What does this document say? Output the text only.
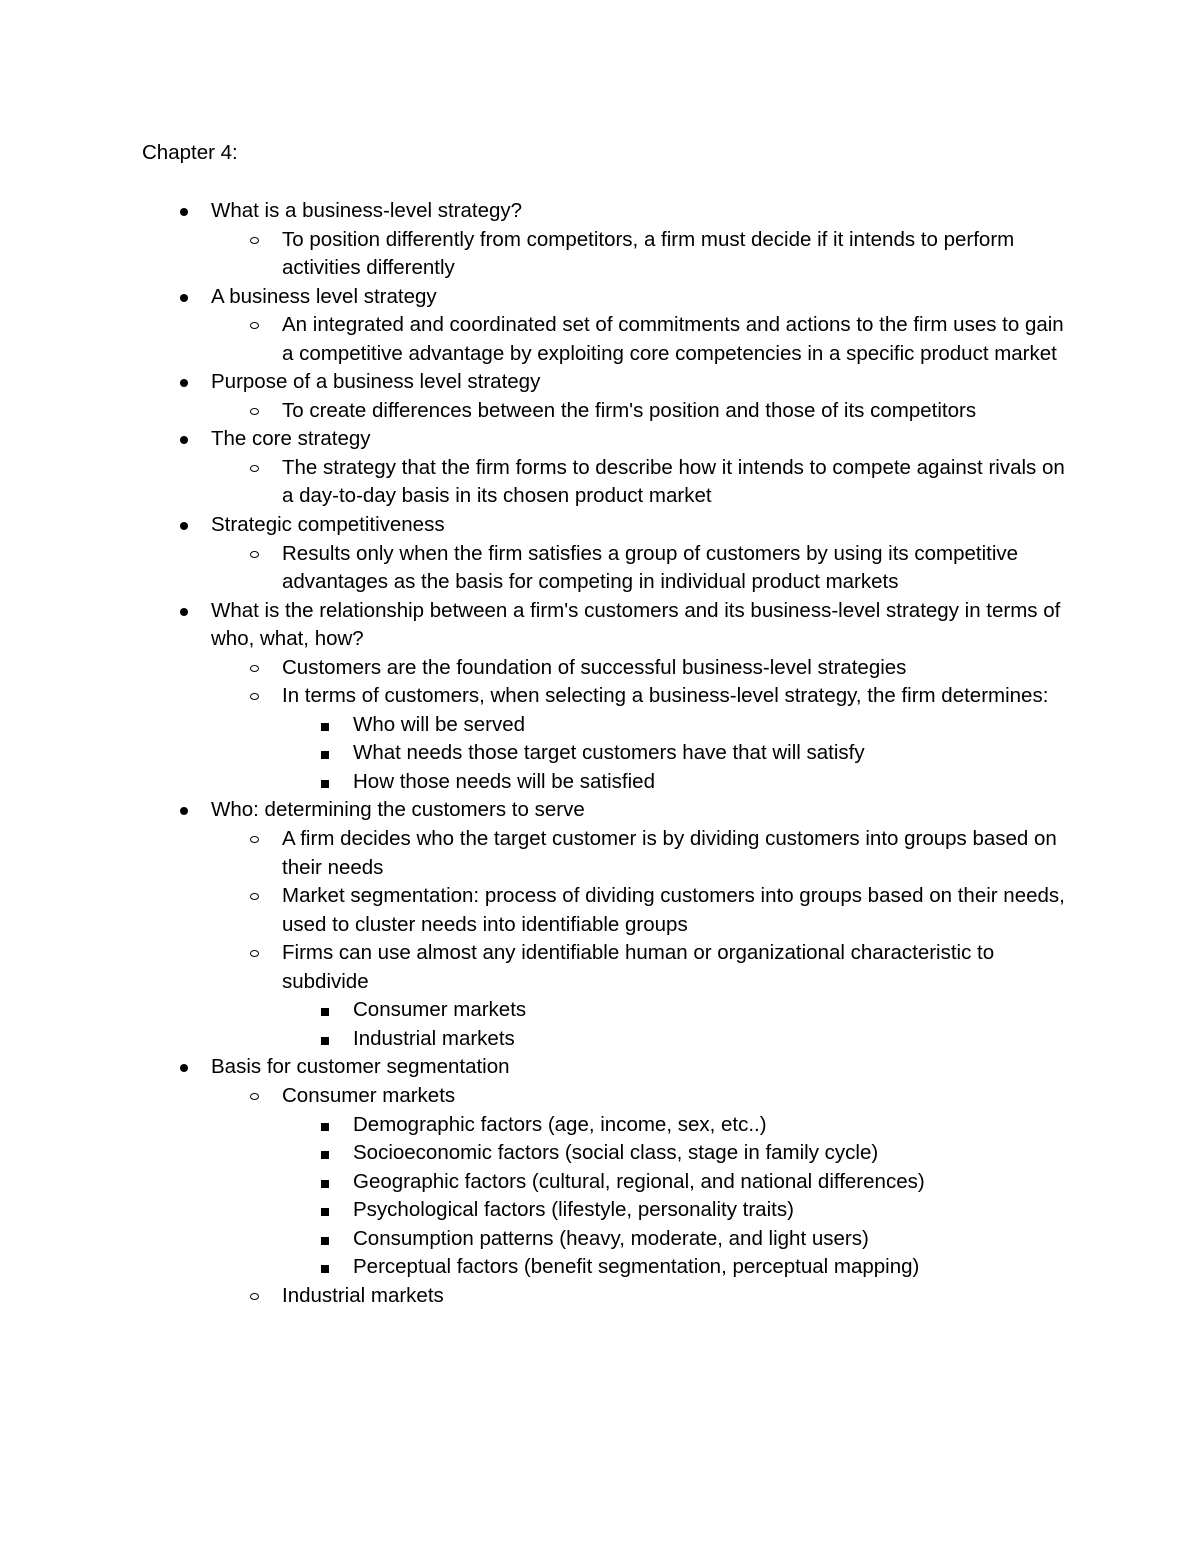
Chapter 4:
What is a business-level strategy?
To position differently from competitors, a firm must decide if it intends to perform activities differently
A business level strategy
An integrated and coordinated set of commitments and actions to the firm uses to gain a competitive advantage by exploiting core competencies in a specific product market
Purpose of a business level strategy
To create differences between the firm's position and those of its competitors
The core strategy
The strategy that the firm forms to describe how it intends to compete against rivals on a day-to-day basis in its chosen product market
Strategic competitiveness
Results only when the firm satisfies a group of customers by using its competitive advantages as the basis for competing in individual product markets
What is the relationship between a firm's customers and its business-level strategy in terms of who, what, how?
Customers are the foundation of successful business-level strategies
In terms of customers, when selecting a business-level strategy, the firm determines:
Who will be served
What needs those target customers have that will satisfy
How those needs will be satisfied
Who: determining the customers to serve
A firm decides who the target customer is by dividing customers into groups based on their needs
Market segmentation: process of dividing customers into groups based on their needs, used to cluster needs into identifiable groups
Firms can use almost any identifiable human or organizational characteristic to subdivide
Consumer markets
Industrial markets
Basis for customer segmentation
Consumer markets
Demographic factors (age, income, sex, etc..)
Socioeconomic factors (social class, stage in family cycle)
Geographic factors (cultural, regional, and national differences)
Psychological factors (lifestyle, personality traits)
Consumption patterns (heavy, moderate, and light users)
Perceptual factors (benefit segmentation, perceptual mapping)
Industrial markets
